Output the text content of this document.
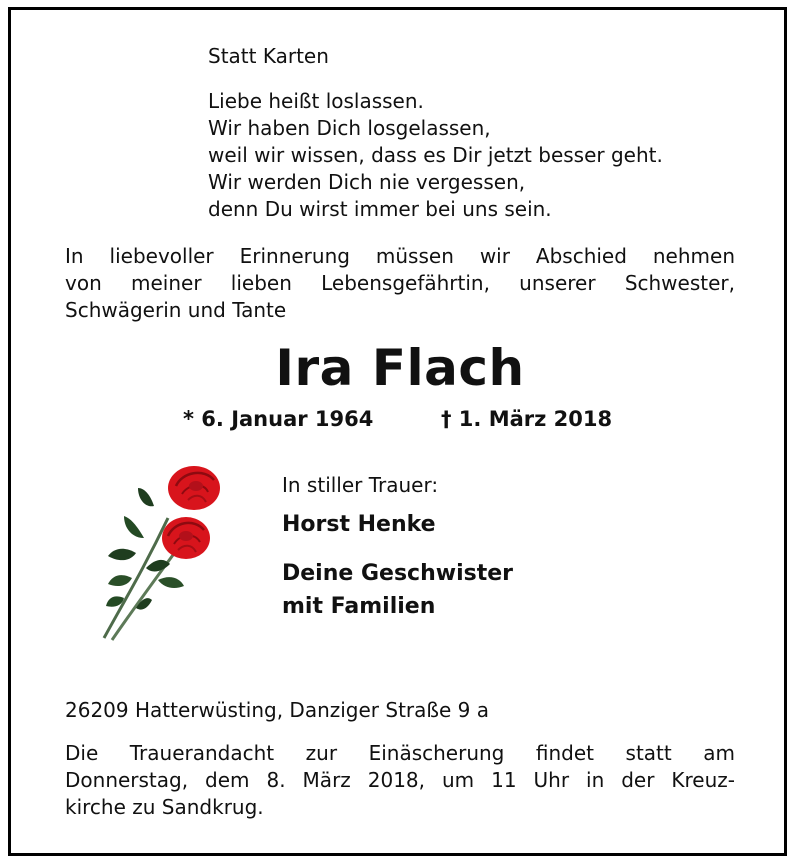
Statt Karten
Liebe heißt loslassen.
Wir haben Dich losgelassen,
weil wir wissen, dass es Dir jetzt besser geht.
Wir werden Dich nie vergessen,
denn Du wirst immer bei uns sein.
In liebevoller Erinnerung müssen wir Abschied nehmen
von meiner lieben Lebensgefährtin, unserer Schwester,
Schwägerin und Tante
Ira Flach
* 6. Januar 1964	† 1. März 2018
In stiller Trauer:
Horst Henke
Deine Geschwister
mit Familien
26209 Hatterwüsting, Danziger Straße 9 a
Die Trauerandacht zur Einäscherung findet statt am
Donnerstag, dem 8. März 2018, um 11 Uhr in der Kreuz-
kirche zu Sandkrug.
